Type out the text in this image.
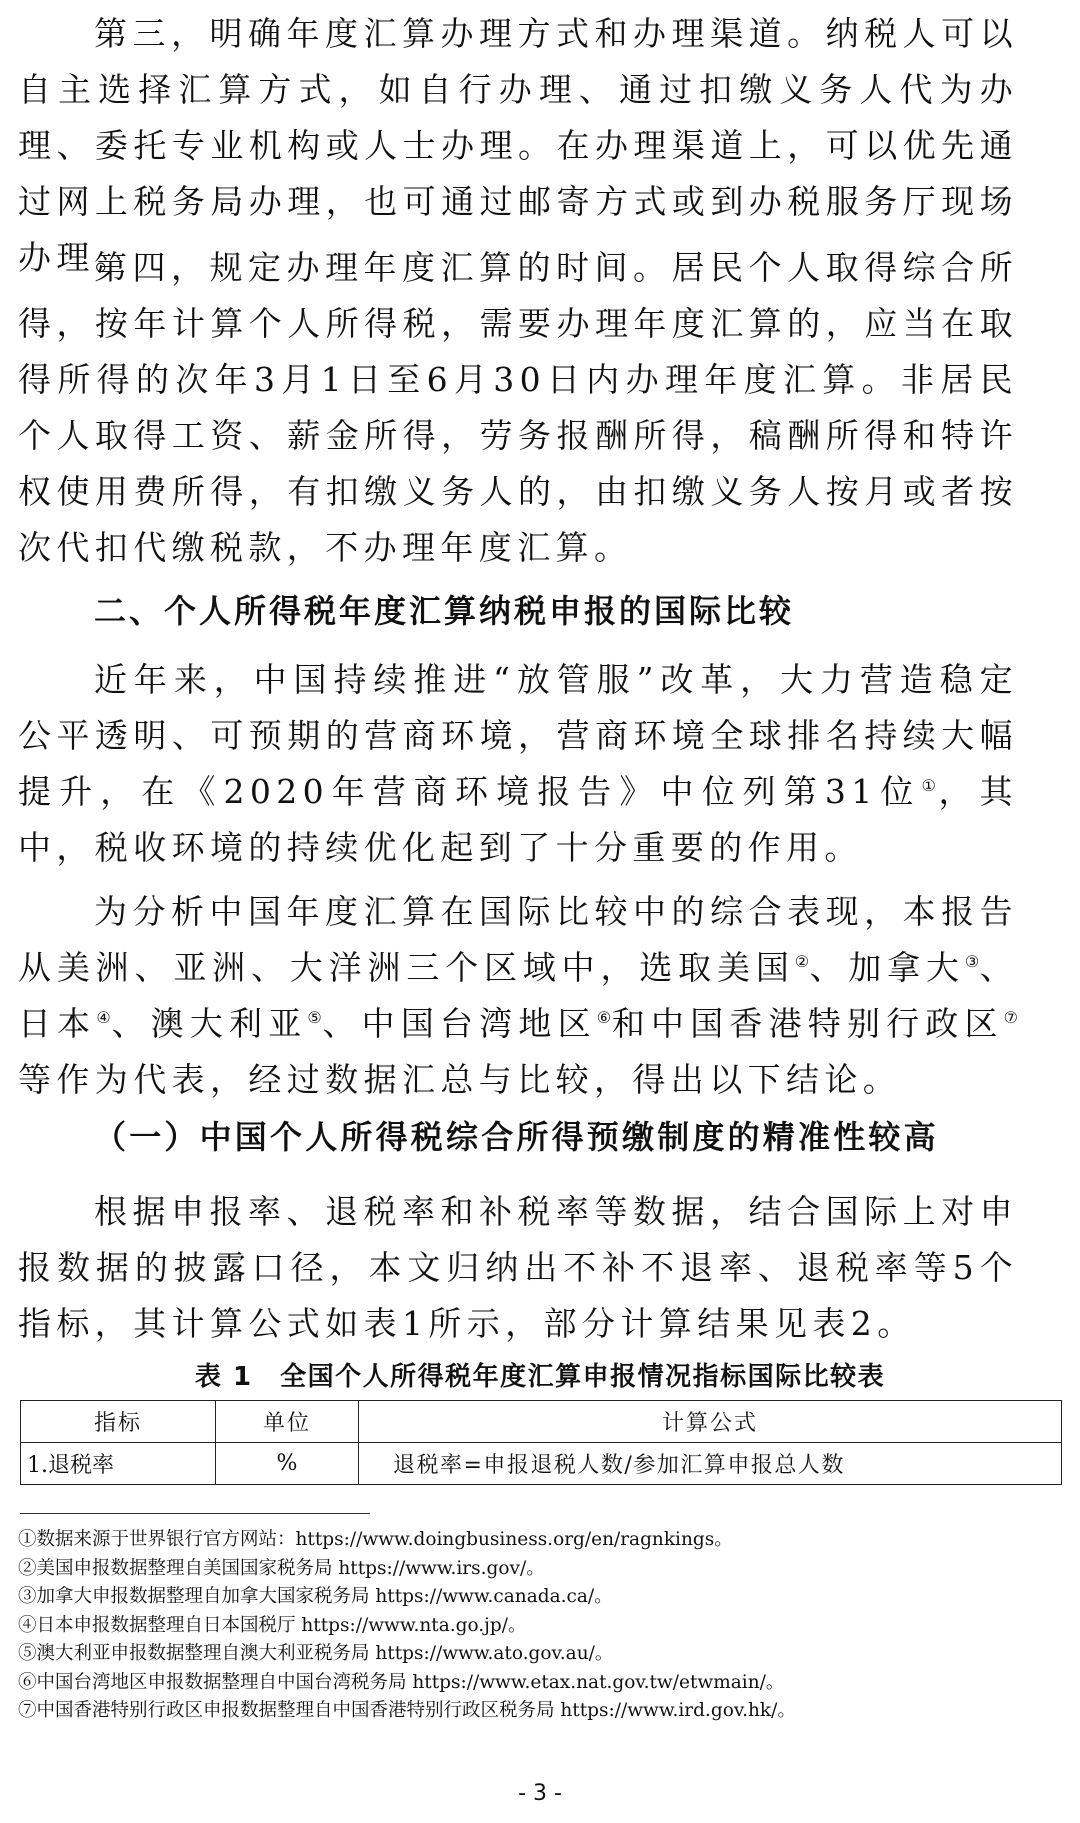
第三，明确年度汇算办理方式和办理渠道。纳税人可以自主选择汇算方式，如自行办理、通过扣缴义务人代为办理、委托专业机构或人士办理。在办理渠道上，可以优先通过网上税务局办理，也可通过邮寄方式或到办税服务厅现场办理。

第四，规定办理年度汇算的时间。居民个人取得综合所得，按年计算个人所得税，需要办理年度汇算的，应当在取得所得的次年3月1日至6月30日内办理年度汇算。非居民个人取得工资、薪金所得，劳务报酬所得，稿酬所得和特许权使用费所得，有扣缴义务人的，由扣缴义务人按月或者按次代扣代缴税款，不办理年度汇算。

二、个人所得税年度汇算纳税申报的国际比较

近年来，中国持续推进“放管服”改革，大力营造稳定公平透明、可预期的营商环境，营商环境全球排名持续大幅提升，在《2020年营商环境报告》中位列第31位①，其中，税收环境的持续优化起到了十分重要的作用。

为分析中国年度汇算在国际比较中的综合表现，本报告从美洲、亚洲、大洋洲三个区域中，选取美国②、加拿大③、日本④、澳大利亚⑤、中国台湾地区⑥和中国香港特别行政区⑦等作为代表，经过数据汇总与比较，得出以下结论。

（一）中国个人所得税综合所得预缴制度的精准性较高

根据申报率、退税率和补税率等数据，结合国际上对申报数据的披露口径，本文归纳出不补不退率、退税率等5个指标，其计算公式如表1所示，部分计算结果见表2。

表 1　全国个人所得税年度汇算申报情况指标国际比较表
指标	单位	计算公式
1.退税率	%	退税率=申报退税人数/参加汇算申报总人数
①数据来源于世界银行官方网站：https://www.doingbusiness.org/en/ragnkings。
②美国申报数据整理自美国国家税务局 https://www.irs.gov/。
③加拿大申报数据整理自加拿大国家税务局 https://www.canada.ca/。
④日本申报数据整理自日本国税厅 https://www.nta.go.jp/。
⑤澳大利亚申报数据整理自澳大利亚税务局 https://www.ato.gov.au/。
⑥中国台湾地区申报数据整理自中国台湾税务局 https://www.etax.nat.gov.tw/etwmain/。
⑦中国香港特别行政区申报数据整理自中国香港特别行政区税务局 https://www.ird.gov.hk/。
- 3 -
